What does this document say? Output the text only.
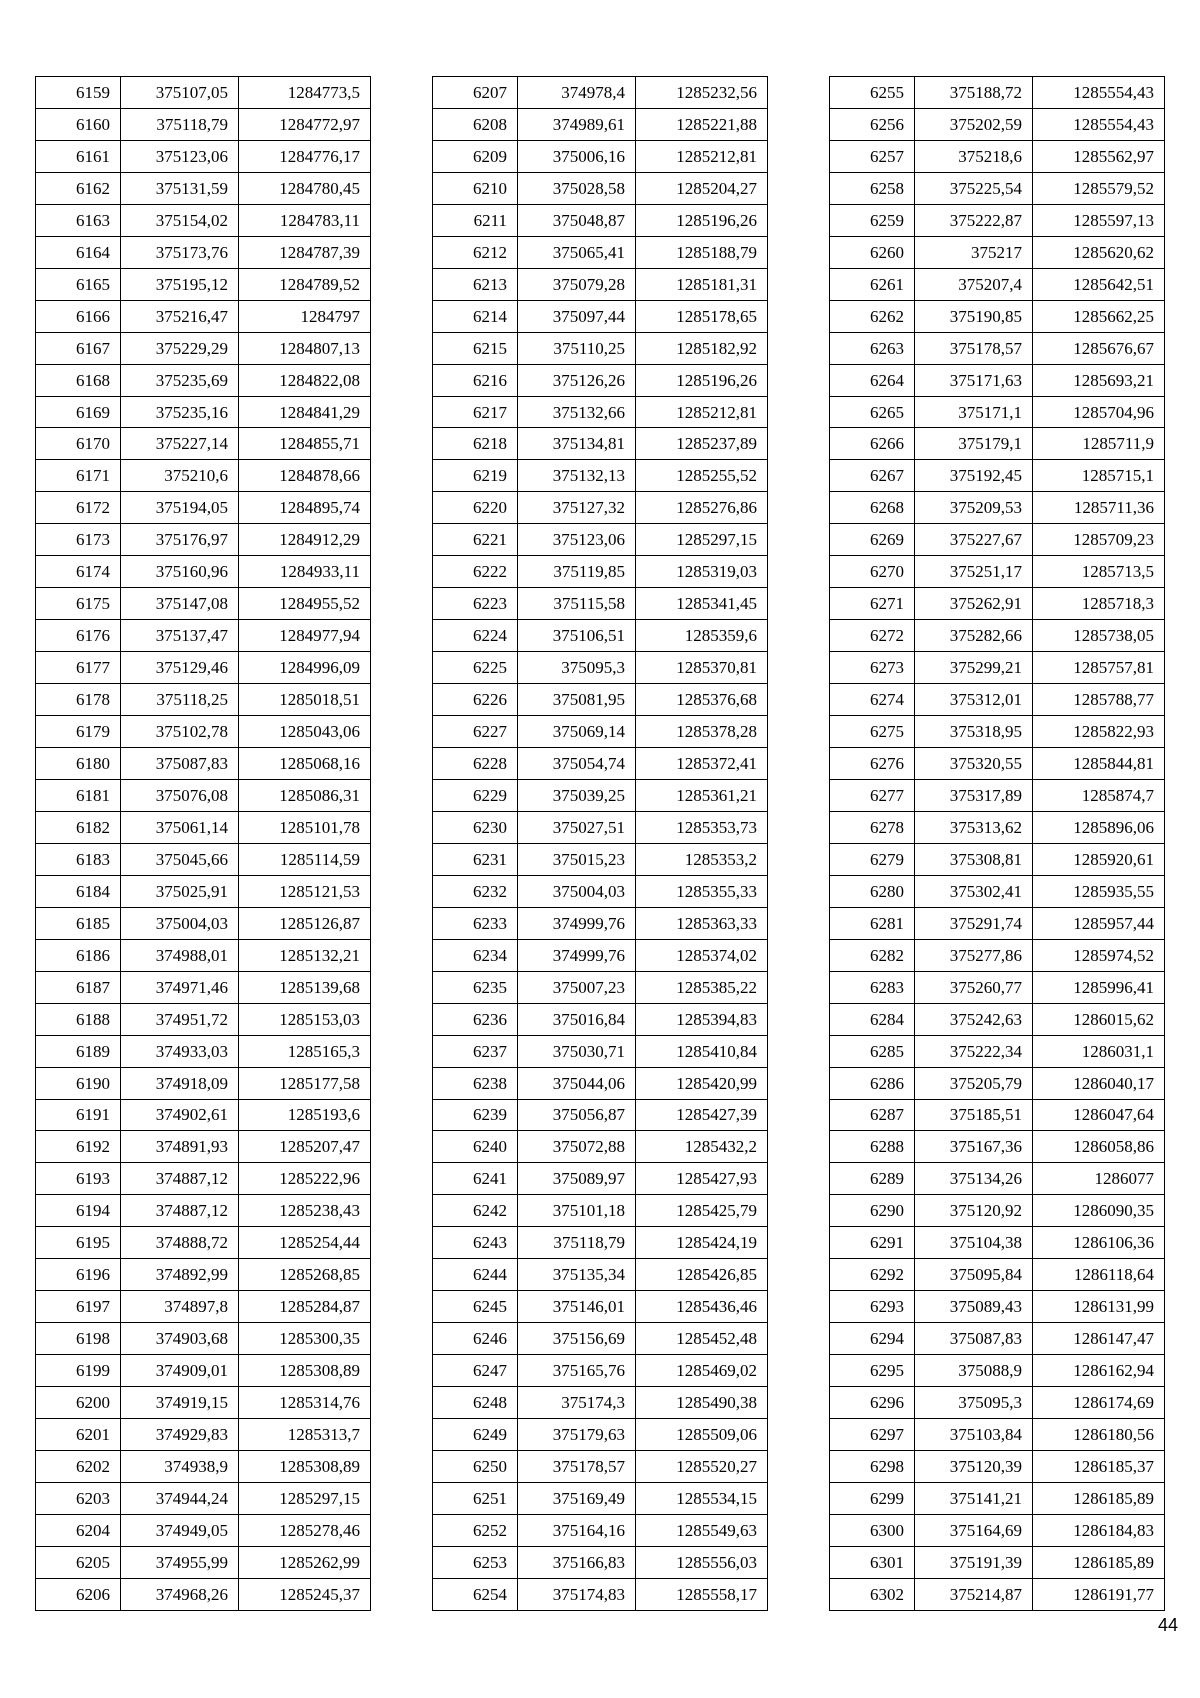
6159	375107,05	1284773,5
6160	375118,79	1284772,97
6161	375123,06	1284776,17
6162	375131,59	1284780,45
6163	375154,02	1284783,11
6164	375173,76	1284787,39
6165	375195,12	1284789,52
6166	375216,47	1284797
6167	375229,29	1284807,13
6168	375235,69	1284822,08
6169	375235,16	1284841,29
6170	375227,14	1284855,71
6171	375210,6	1284878,66
6172	375194,05	1284895,74
6173	375176,97	1284912,29
6174	375160,96	1284933,11
6175	375147,08	1284955,52
6176	375137,47	1284977,94
6177	375129,46	1284996,09
6178	375118,25	1285018,51
6179	375102,78	1285043,06
6180	375087,83	1285068,16
6181	375076,08	1285086,31
6182	375061,14	1285101,78
6183	375045,66	1285114,59
6184	375025,91	1285121,53
6185	375004,03	1285126,87
6186	374988,01	1285132,21
6187	374971,46	1285139,68
6188	374951,72	1285153,03
6189	374933,03	1285165,3
6190	374918,09	1285177,58
6191	374902,61	1285193,6
6192	374891,93	1285207,47
6193	374887,12	1285222,96
6194	374887,12	1285238,43
6195	374888,72	1285254,44
6196	374892,99	1285268,85
6197	374897,8	1285284,87
6198	374903,68	1285300,35
6199	374909,01	1285308,89
6200	374919,15	1285314,76
6201	374929,83	1285313,7
6202	374938,9	1285308,89
6203	374944,24	1285297,15
6204	374949,05	1285278,46
6205	374955,99	1285262,99
6206	374968,26	1285245,37
6207	374978,4	1285232,56
6208	374989,61	1285221,88
6209	375006,16	1285212,81
6210	375028,58	1285204,27
6211	375048,87	1285196,26
6212	375065,41	1285188,79
6213	375079,28	1285181,31
6214	375097,44	1285178,65
6215	375110,25	1285182,92
6216	375126,26	1285196,26
6217	375132,66	1285212,81
6218	375134,81	1285237,89
6219	375132,13	1285255,52
6220	375127,32	1285276,86
6221	375123,06	1285297,15
6222	375119,85	1285319,03
6223	375115,58	1285341,45
6224	375106,51	1285359,6
6225	375095,3	1285370,81
6226	375081,95	1285376,68
6227	375069,14	1285378,28
6228	375054,74	1285372,41
6229	375039,25	1285361,21
6230	375027,51	1285353,73
6231	375015,23	1285353,2
6232	375004,03	1285355,33
6233	374999,76	1285363,33
6234	374999,76	1285374,02
6235	375007,23	1285385,22
6236	375016,84	1285394,83
6237	375030,71	1285410,84
6238	375044,06	1285420,99
6239	375056,87	1285427,39
6240	375072,88	1285432,2
6241	375089,97	1285427,93
6242	375101,18	1285425,79
6243	375118,79	1285424,19
6244	375135,34	1285426,85
6245	375146,01	1285436,46
6246	375156,69	1285452,48
6247	375165,76	1285469,02
6248	375174,3	1285490,38
6249	375179,63	1285509,06
6250	375178,57	1285520,27
6251	375169,49	1285534,15
6252	375164,16	1285549,63
6253	375166,83	1285556,03
6254	375174,83	1285558,17
6255	375188,72	1285554,43
6256	375202,59	1285554,43
6257	375218,6	1285562,97
6258	375225,54	1285579,52
6259	375222,87	1285597,13
6260	375217	1285620,62
6261	375207,4	1285642,51
6262	375190,85	1285662,25
6263	375178,57	1285676,67
6264	375171,63	1285693,21
6265	375171,1	1285704,96
6266	375179,1	1285711,9
6267	375192,45	1285715,1
6268	375209,53	1285711,36
6269	375227,67	1285709,23
6270	375251,17	1285713,5
6271	375262,91	1285718,3
6272	375282,66	1285738,05
6273	375299,21	1285757,81
6274	375312,01	1285788,77
6275	375318,95	1285822,93
6276	375320,55	1285844,81
6277	375317,89	1285874,7
6278	375313,62	1285896,06
6279	375308,81	1285920,61
6280	375302,41	1285935,55
6281	375291,74	1285957,44
6282	375277,86	1285974,52
6283	375260,77	1285996,41
6284	375242,63	1286015,62
6285	375222,34	1286031,1
6286	375205,79	1286040,17
6287	375185,51	1286047,64
6288	375167,36	1286058,86
6289	375134,26	1286077
6290	375120,92	1286090,35
6291	375104,38	1286106,36
6292	375095,84	1286118,64
6293	375089,43	1286131,99
6294	375087,83	1286147,47
6295	375088,9	1286162,94
6296	375095,3	1286174,69
6297	375103,84	1286180,56
6298	375120,39	1286185,37
6299	375141,21	1286185,89
6300	375164,69	1286184,83
6301	375191,39	1286185,89
6302	375214,87	1286191,77
44
